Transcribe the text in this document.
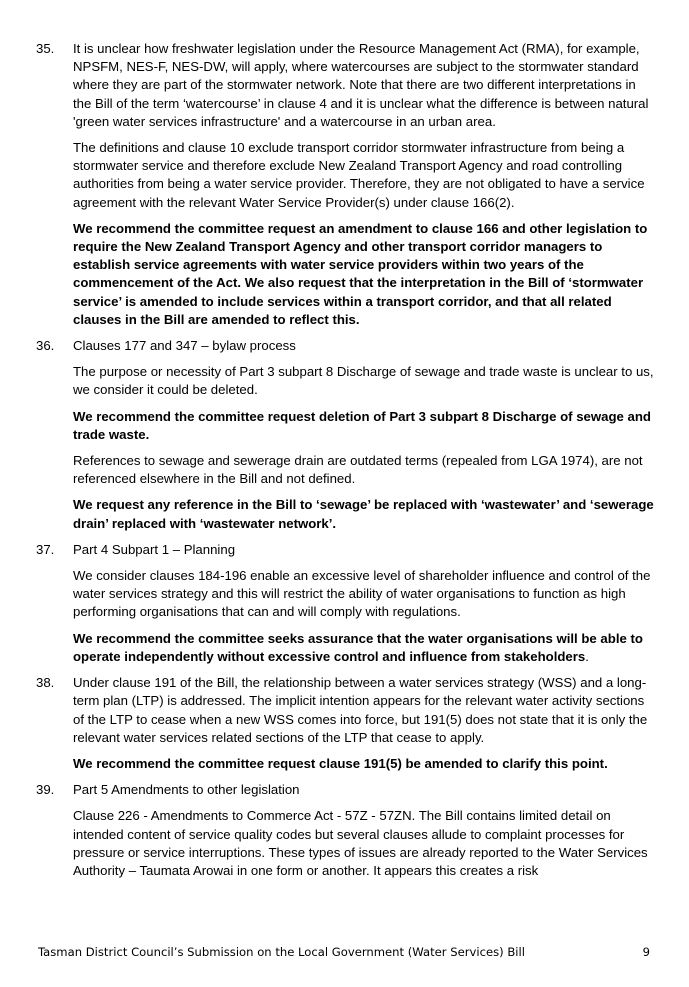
35. It is unclear how freshwater legislation under the Resource Management Act (RMA), for example, NPSFM, NES-F, NES-DW, will apply, where watercourses are subject to the stormwater standard where they are part of the stormwater network. Note that there are two different interpretations in the Bill of the term ‘watercourse’ in clause 4 and it is unclear what the difference is between natural 'green water services infrastructure' and a watercourse in an urban area.

The definitions and clause 10 exclude transport corridor stormwater infrastructure from being a stormwater service and therefore exclude New Zealand Transport Agency and road controlling authorities from being a water service provider. Therefore, they are not obligated to have a service agreement with the relevant Water Service Provider(s) under clause 166(2).

We recommend the committee request an amendment to clause 166 and other legislation to require the New Zealand Transport Agency and other transport corridor managers to establish service agreements with water service providers within two years of the commencement of the Act. We also request that the interpretation in the Bill of ‘stormwater service’ is amended to include services within a transport corridor, and that all related clauses in the Bill are amended to reflect this.

36. Clauses 177 and 347 – bylaw process

The purpose or necessity of Part 3 subpart 8 Discharge of sewage and trade waste is unclear to us, we consider it could be deleted.

We recommend the committee request deletion of Part 3 subpart 8 Discharge of sewage and trade waste.

References to sewage and sewerage drain are outdated terms (repealed from LGA 1974), are not referenced elsewhere in the Bill and not defined.

We request any reference in the Bill to ‘sewage’ be replaced with ‘wastewater’ and ‘sewerage drain’ replaced with ‘wastewater network’.

37. Part 4 Subpart 1 – Planning

We consider clauses 184-196 enable an excessive level of shareholder influence and control of the water services strategy and this will restrict the ability of water organisations to function as high performing organisations that can and will comply with regulations.

We recommend the committee seeks assurance that the water organisations will be able to operate independently without excessive control and influence from stakeholders.

38. Under clause 191 of the Bill, the relationship between a water services strategy (WSS) and a long-term plan (LTP) is addressed. The implicit intention appears for the relevant water activity sections of the LTP to cease when a new WSS comes into force, but 191(5) does not state that it is only the relevant water services related sections of the LTP that cease to apply.

We recommend the committee request clause 191(5) be amended to clarify this point.

39. Part 5 Amendments to other legislation

Clause 226 - Amendments to Commerce Act - 57Z - 57ZN. The Bill contains limited detail on intended content of service quality codes but several clauses allude to complaint processes for pressure or service interruptions. These types of issues are already reported to the Water Services Authority – Taumata Arowai in one form or another. It appears this creates a risk

Tasman District Council’s Submission on the Local Government (Water Services) Bill	9
